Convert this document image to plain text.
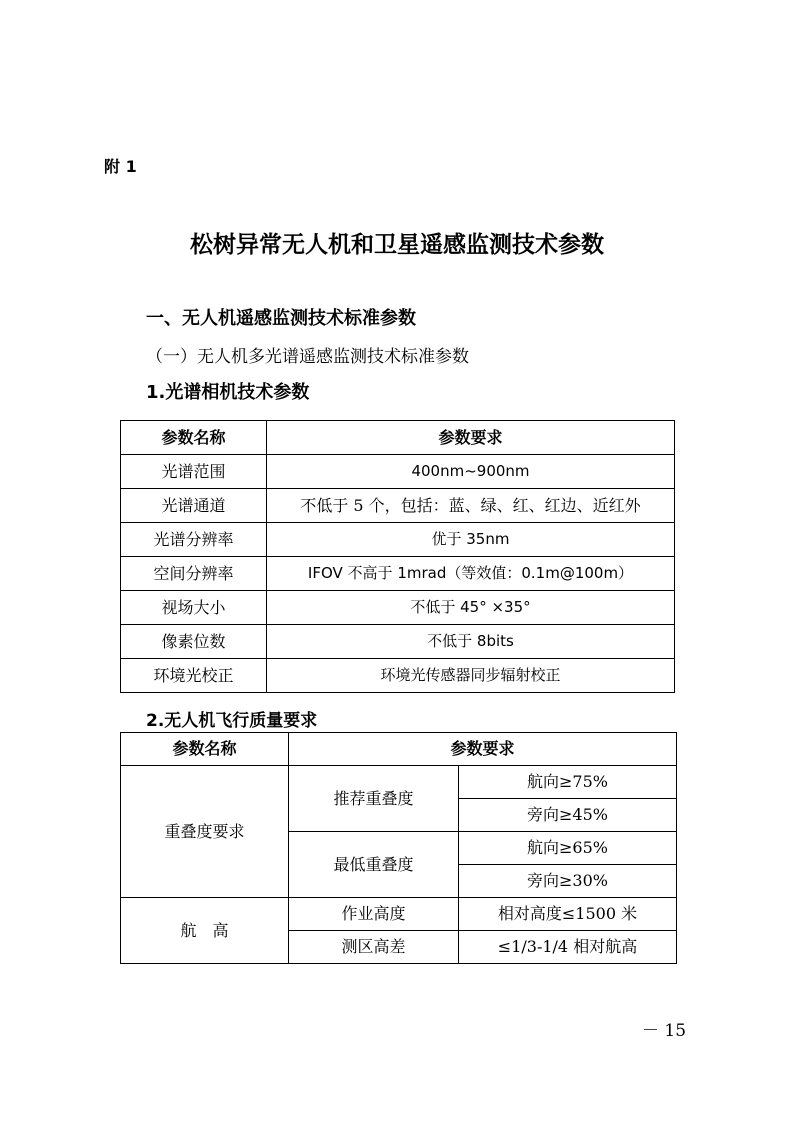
附 1
松树异常无人机和卫星遥感监测技术参数
一、无人机遥感监测技术标准参数
（一）无人机多光谱遥感监测技术标准参数
1.光谱相机技术参数
参数名称	参数要求
光谱范围	400nm~900nm
光谱通道	不低于 5 个，包括：蓝、绿、红、红边、近红外
光谱分辨率	优于 35nm
空间分辨率	IFOV 不高于 1mrad（等效值：0.1m@100m）
视场大小	不低于 45° ×35°
像素位数	不低于 8bits
环境光校正	环境光传感器同步辐射校正
2.无人机飞行质量要求
参数名称	参数要求	
重叠度要求	推荐重叠度	航向≥75%
		旁向≥45%
	最低重叠度	航向≥65%
		旁向≥30%
航　高	作业高度	相对高度≤1500 米
	测区高差	≤1/3-1/4 相对航高
－ 15
